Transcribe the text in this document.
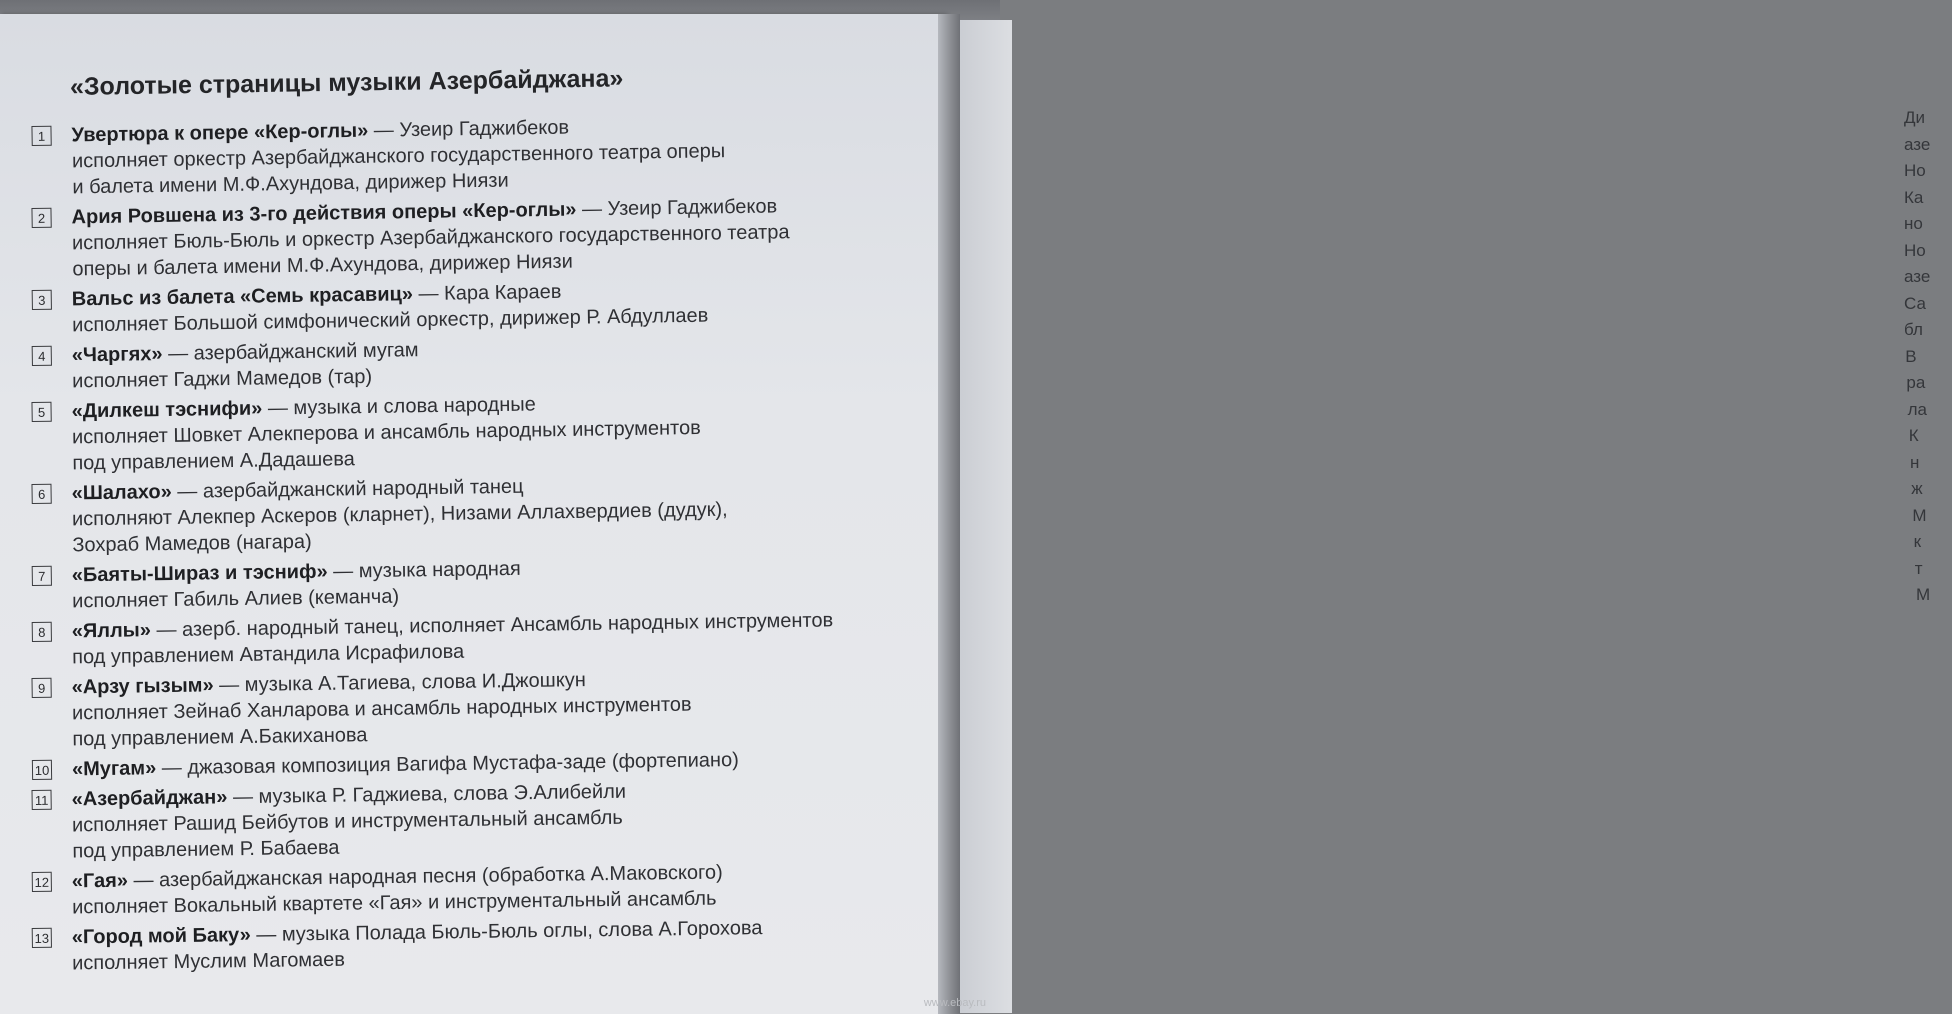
Ди
азе
Но
Ка
но
Но
азе
Са
бл
В
ра
ла
К
н
ж
М
к
т
М
«Золотые страницы музыки Азербайджана»
1	Увертюра к опере «Кер-оглы» — Узеир Гаджибеков
исполняет оркестр Азербайджанского государственного театра оперы
и балета имени М.Ф.Ахундова, дирижер Ниязи
2	Ария Ровшена из 3-го действия оперы «Кер-оглы» — Узеир Гаджибеков
исполняет Бюль-Бюль и оркестр Азербайджанского государственного театра
оперы и балета имени М.Ф.Ахундова, дирижер Ниязи
3	Вальс из балета «Семь красавиц» — Кара Караев
исполняет Большой симфонический оркестр, дирижер Р. Абдуллаев
4	«Чаргях» — азербайджанский мугам
исполняет Гаджи Мамедов (тар)
5	«Дилкеш тэснифи» — музыка и слова народные
исполняет Шовкет Алекперова и ансамбль народных инструментов
под управлением А.Дадашева
6	«Шалахо» — азербайджанский народный танец
исполняют Алекпер Аскеров (кларнет), Низами Аллахвердиев (дудук),
Зохраб Мамедов (нагара)
7	«Баяты-Шираз и тэсниф» — музыка народная
исполняет Габиль Алиев (кеманча)
8	«Яллы» — азерб. народный танец, исполняет Ансамбль народных инструментов
под управлением Автандила Исрафилова
9	«Арзу гызым» — музыка А.Тагиева, слова И.Джошкун
исполняет Зейнаб Ханларова и ансамбль народных инструментов
под управлением А.Бакиханова
10 «Мугам» — джазовая композиция Вагифа Мустафа-заде (фортепиано)
11 «Азербайджан» — музыка Р. Гаджиева, слова Э.Алибейли
исполняет Рашид Бейбутов и инструментальный ансамбль
под управлением Р. Бабаева
12 «Гая» — азербайджанская народная песня (обработка А.Маковского)
исполняет Вокальный квартете «Гая» и инструментальный ансамбль
13 «Город мой Баку» — музыка Полада Бюль-Бюль оглы, слова А.Горохова
исполняет Муслим Магомаев
www.ebay.ru
